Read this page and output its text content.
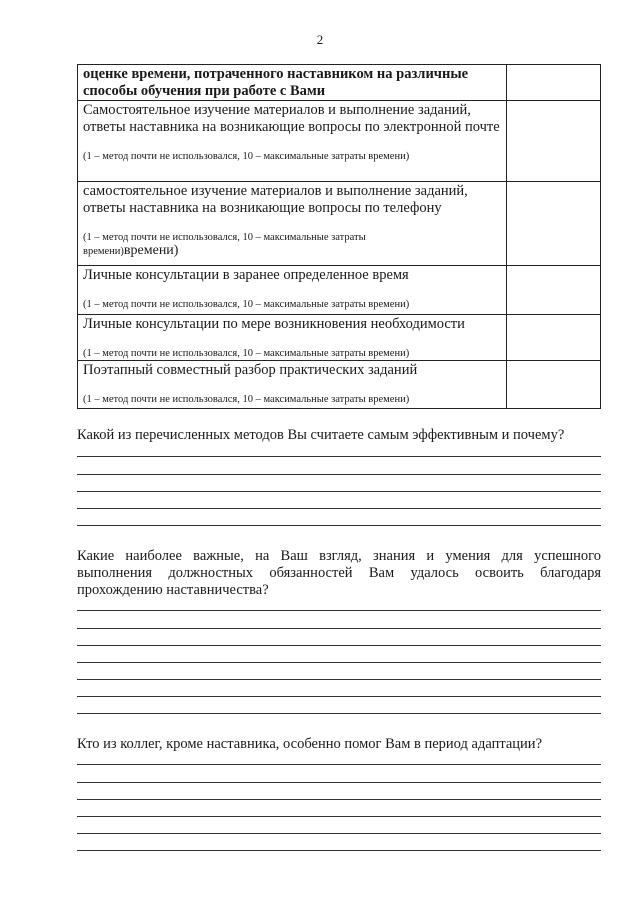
2
оценке времени, потраченного наставником на различные способы обучения при работе с Вами	

Самостоятельное изучение материалов и выполнение заданий, ответы наставника на возникающие вопросы по электронной почте
(1 – метод почти не использовался, 10 – максимальные затраты времени)	

самостоятельное изучение материалов и выполнение заданий, ответы наставника на возникающие вопросы по телефону
(1 – метод почти не использовался, 10 – максимальные затраты времени)времени)	

Личные консультации в заранее определенное время
(1 – метод почти не использовался, 10 – максимальные затраты времени)	

Личные консультации по мере возникновения необходимости
(1 – метод почти не использовался, 10 – максимальные затраты времени)	

Поэтапный совместный разбор практических заданий
(1 – метод почти не использовался, 10 – максимальные затраты времени)	

Какой из перечисленных методов Вы считаете самым эффективным и почему?
Какие наиболее важные, на Ваш взгляд, знания и умения для успешного выполнения должностных обязанностей Вам удалось освоить благодаря прохождению наставничества?
Кто из коллег, кроме наставника, особенно помог Вам в период адаптации?
